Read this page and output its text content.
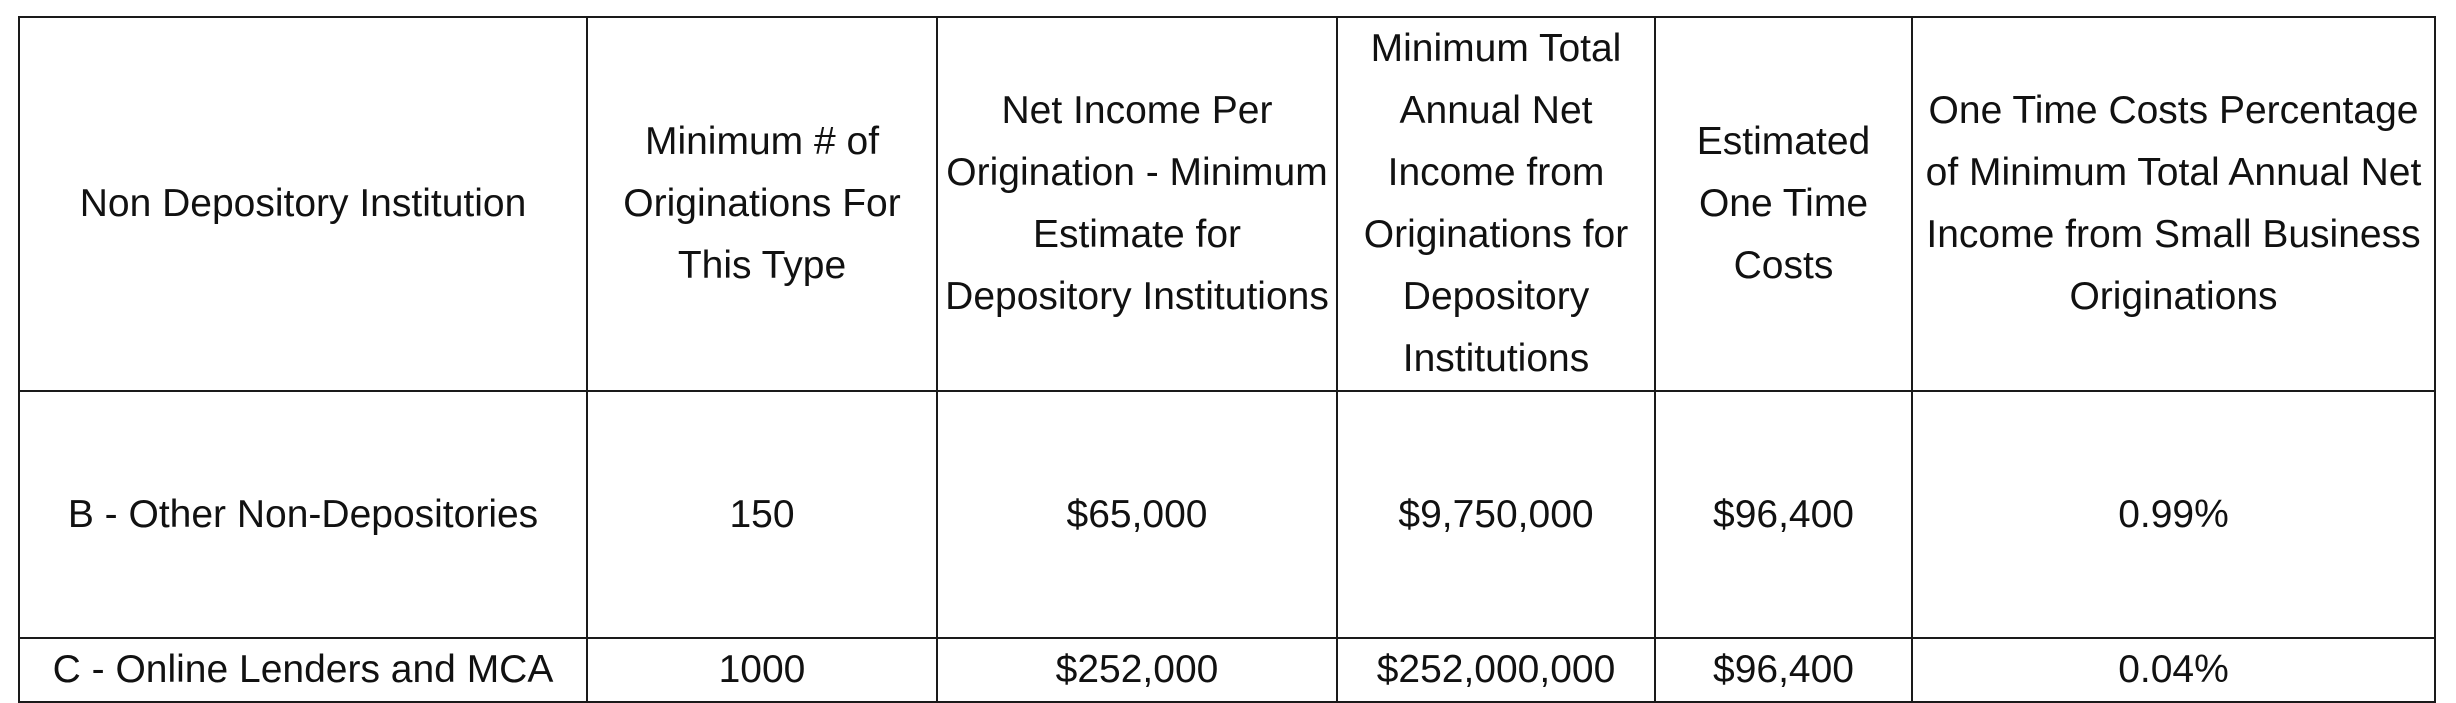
Non Depository Institution	Minimum # of Originations For This Type	Net Income Per Origination - Minimum Estimate for Depository Institutions	Minimum Total Annual Net Income from Originations for Depository Institutions	Estimated One Time Costs	One Time Costs Percentage of Minimum Total Annual Net Income from Small Business Originations
B - Other Non-Depositories	150	$65,000	$9,750,000	$96,400	0.99%
C - Online Lenders and MCA	1000	$252,000	$252,000,000	$96,400	0.04%
